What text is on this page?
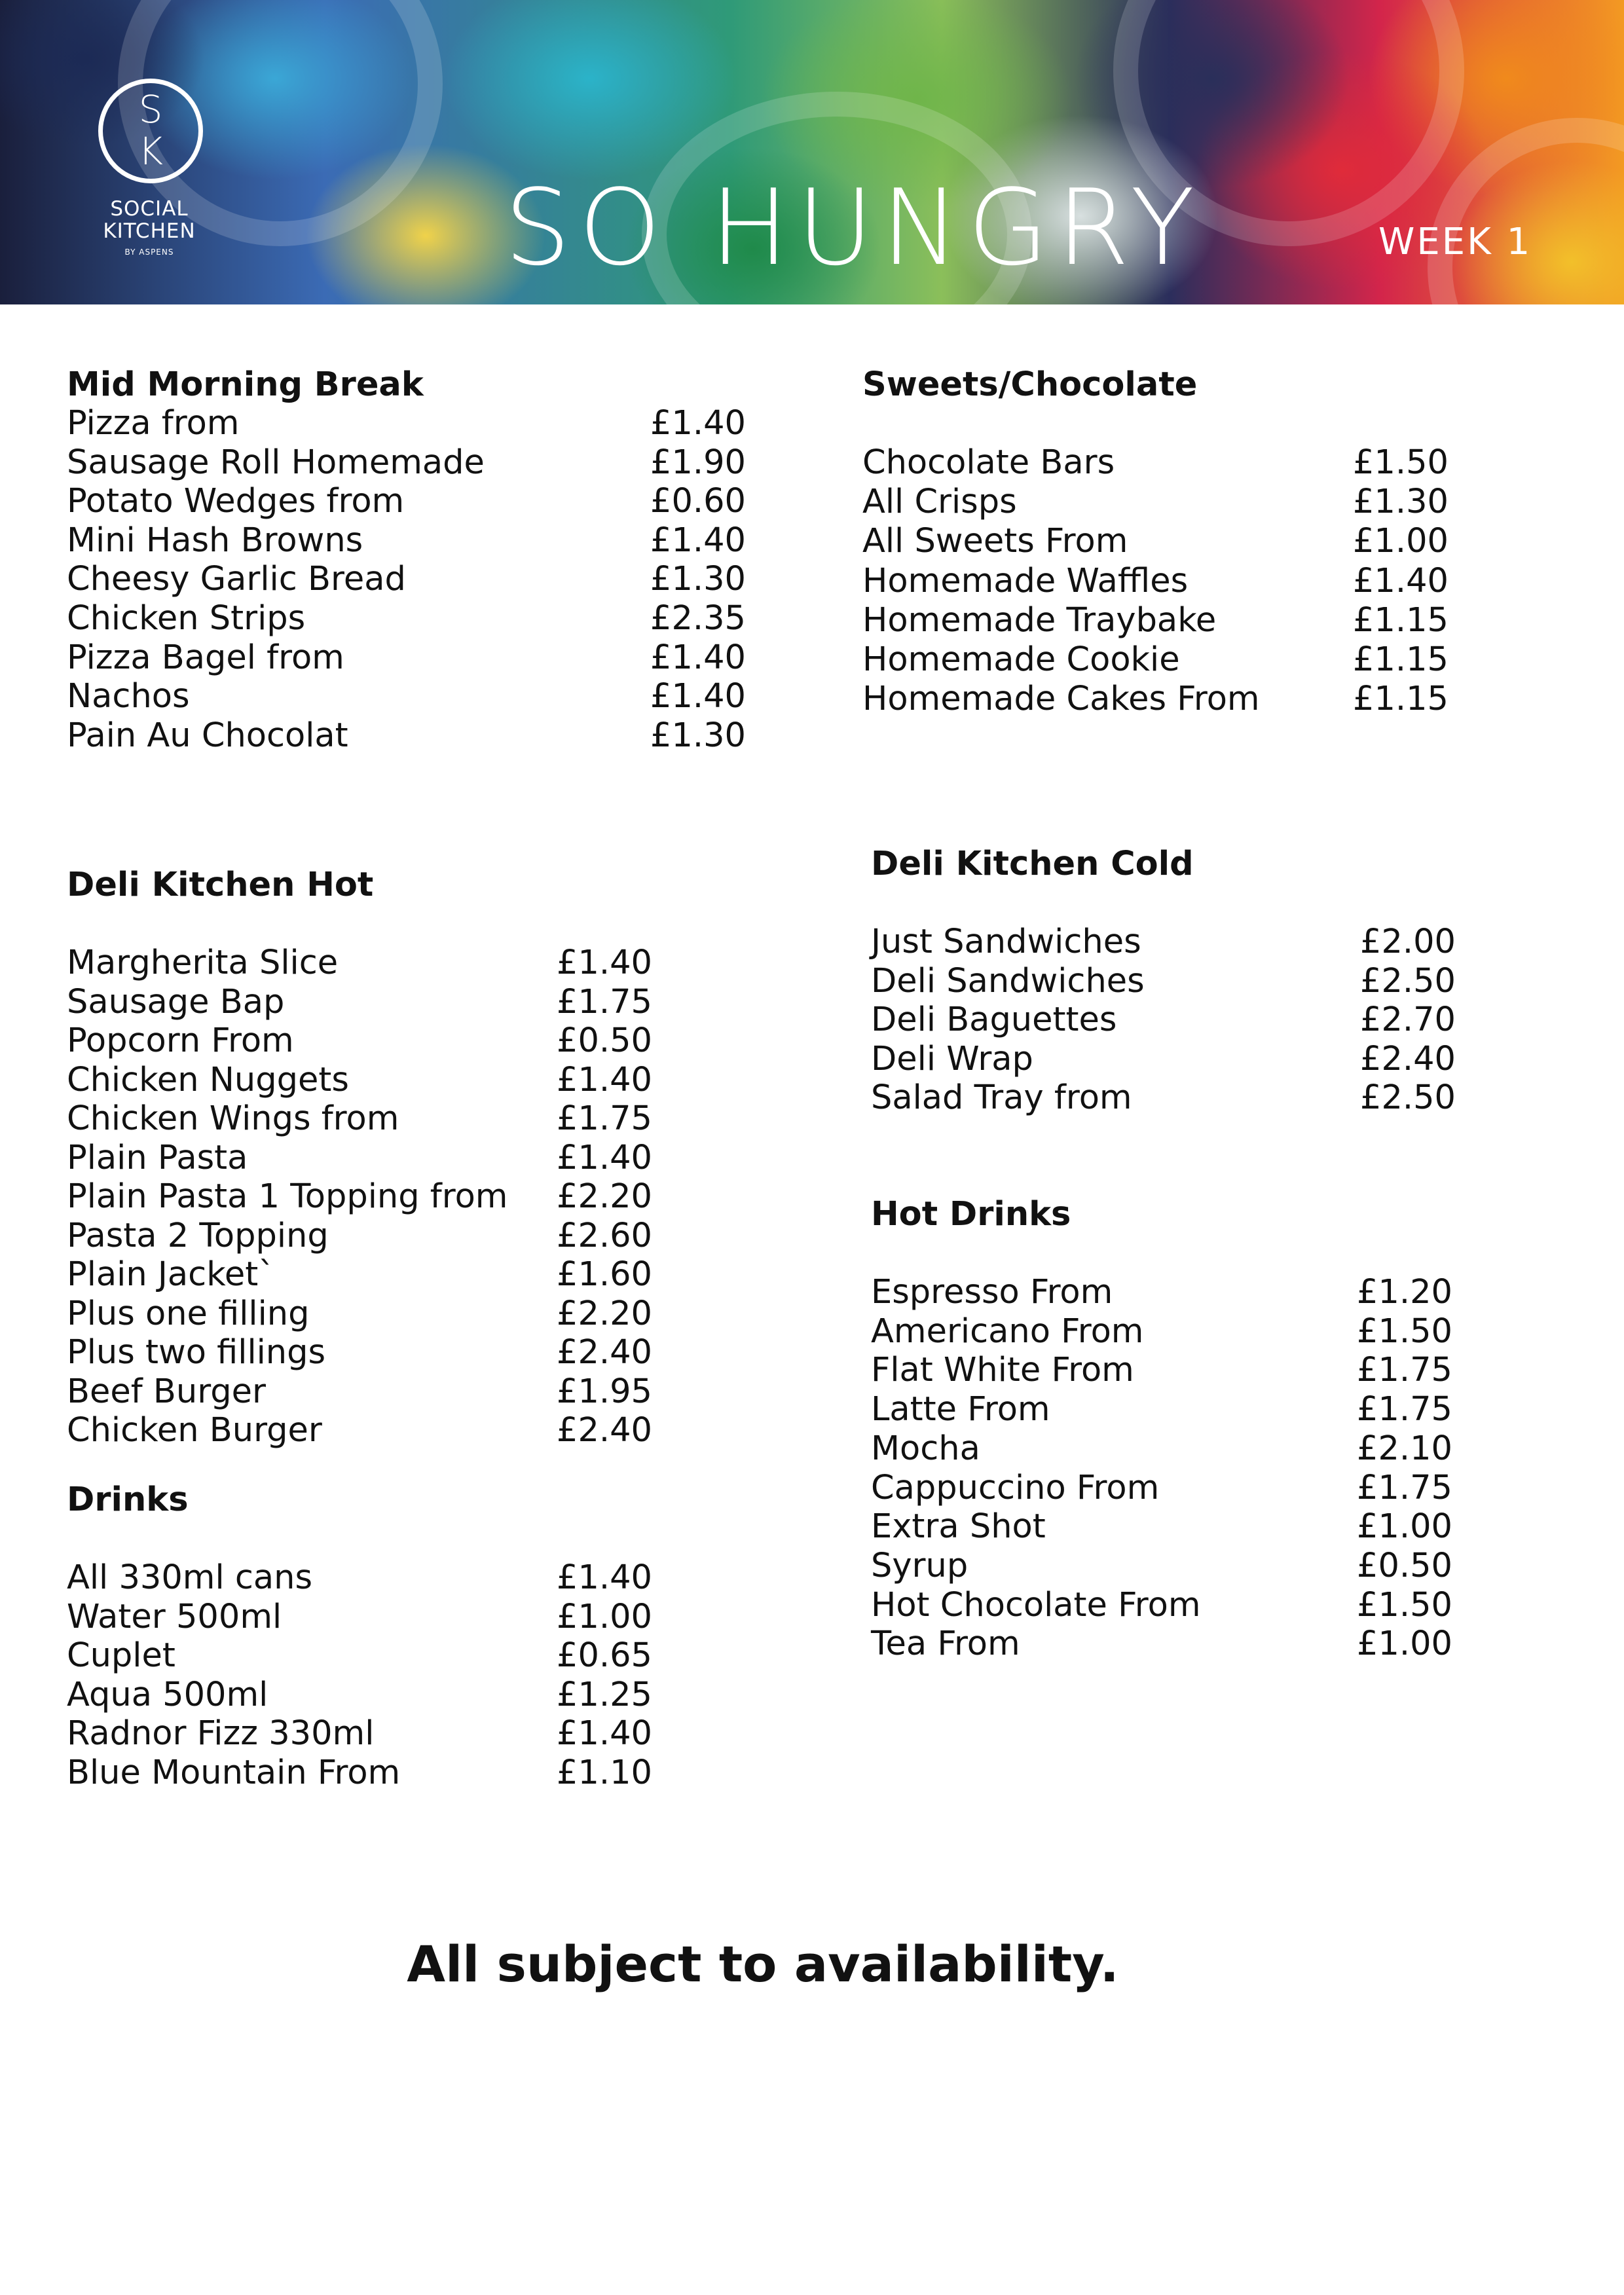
S
K
SOCIAL
KITCHEN
BY ASPENS	SO HUNGRY	WEEK 1
Mid Morning Break
Pizza from	£1.40
Sausage Roll Homemade	£1.90
Potato Wedges from	£0.60
Mini Hash Browns	£1.40
Cheesy Garlic Bread	£1.30
Chicken Strips	£2.35
Pizza Bagel from	£1.40
Nachos	£1.40
Pain Au Chocolat	£1.30
Sweets/Chocolate
Chocolate Bars	£1.50
All Crisps	£1.30
All Sweets From	£1.00
Homemade Waffles	£1.40
Homemade Traybake	£1.15
Homemade Cookie	£1.15
Homemade Cakes From	£1.15
Deli Kitchen Hot
Margherita Slice	£1.40
Sausage Bap	£1.75
Popcorn From	£0.50
Chicken Nuggets	£1.40
Chicken Wings from	£1.75
Plain Pasta	£1.40
Plain Pasta 1 Topping from £2.20
Pasta 2 Topping	£2.60
Plain Jacket`	£1.60
Plus one filling	£2.20
Plus two fillings	£2.40
Beef Burger	£1.95
Chicken Burger	£2.40
Drinks
All 330ml cans	£1.40
Water 500ml	£1.00
Cuplet	£0.65
Aqua 500ml	£1.25
Radnor Fizz 330ml	£1.40
Blue Mountain From	£1.10
Deli Kitchen Cold
Just Sandwiches	£2.00
Deli Sandwiches	£2.50
Deli Baguettes	£2.70
Deli Wrap	£2.40
Salad Tray from	£2.50
Hot Drinks
Espresso From	£1.20
Americano From	£1.50
Flat White From	£1.75
Latte From	£1.75
Mocha	£2.10
Cappuccino From	£1.75
Extra Shot	£1.00
Syrup	£0.50
Hot Chocolate From	£1.50
Tea From	£1.00
All subject to availability.
